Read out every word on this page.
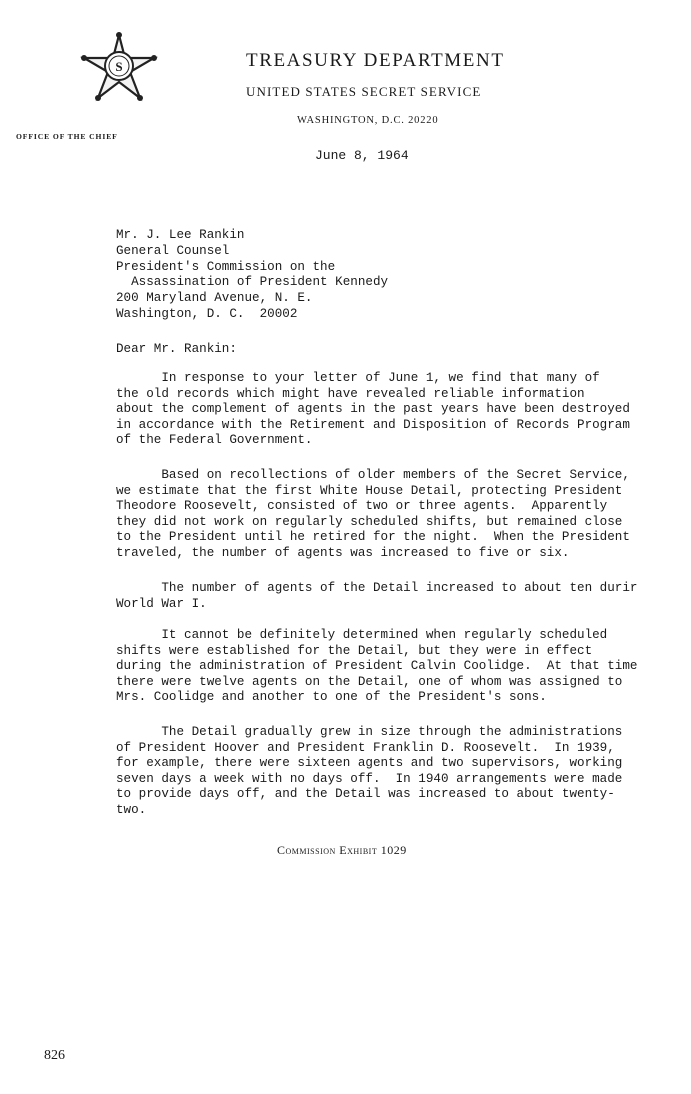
S	TREASURY DEPARTMENT
UNITED STATES SECRET SERVICE
WASHINGTON, D.C. 20220
OFFICE OF THE CHIEF
June 8, 1964
Mr. J. Lee Rankin
General Counsel
President's Commission on the
Assassination of President Kennedy
200 Maryland Avenue, N. E.
Washington, D. C.  20002
Dear Mr. Rankin:
In response to your letter of June 1, we find that many of
the old records which might have revealed reliable information
about the complement of agents in the past years have been destroyed
in accordance with the Retirement and Disposition of Records Program
of the Federal Government.
Based on recollections of older members of the Secret Service,
we estimate that the first White House Detail, protecting President
Theodore Roosevelt, consisted of two or three agents.  Apparently
they did not work on regularly scheduled shifts, but remained close
to the President until he retired for the night.  When the President
traveled, the number of agents was increased to five or six.
The number of agents of the Detail increased to about ten durir
World War I.
It cannot be definitely determined when regularly scheduled
shifts were established for the Detail, but they were in effect
during the administration of President Calvin Coolidge.  At that time
there were twelve agents on the Detail, one of whom was assigned to
Mrs. Coolidge and another to one of the President's sons.
The Detail gradually grew in size through the administrations
of President Hoover and President Franklin D. Roosevelt.  In 1939,
for example, there were sixteen agents and two supervisors, working
seven days a week with no days off.  In 1940 arrangements were made
to provide days off, and the Detail was increased to about twenty-
two.
Commission Exhibit 1029
826
